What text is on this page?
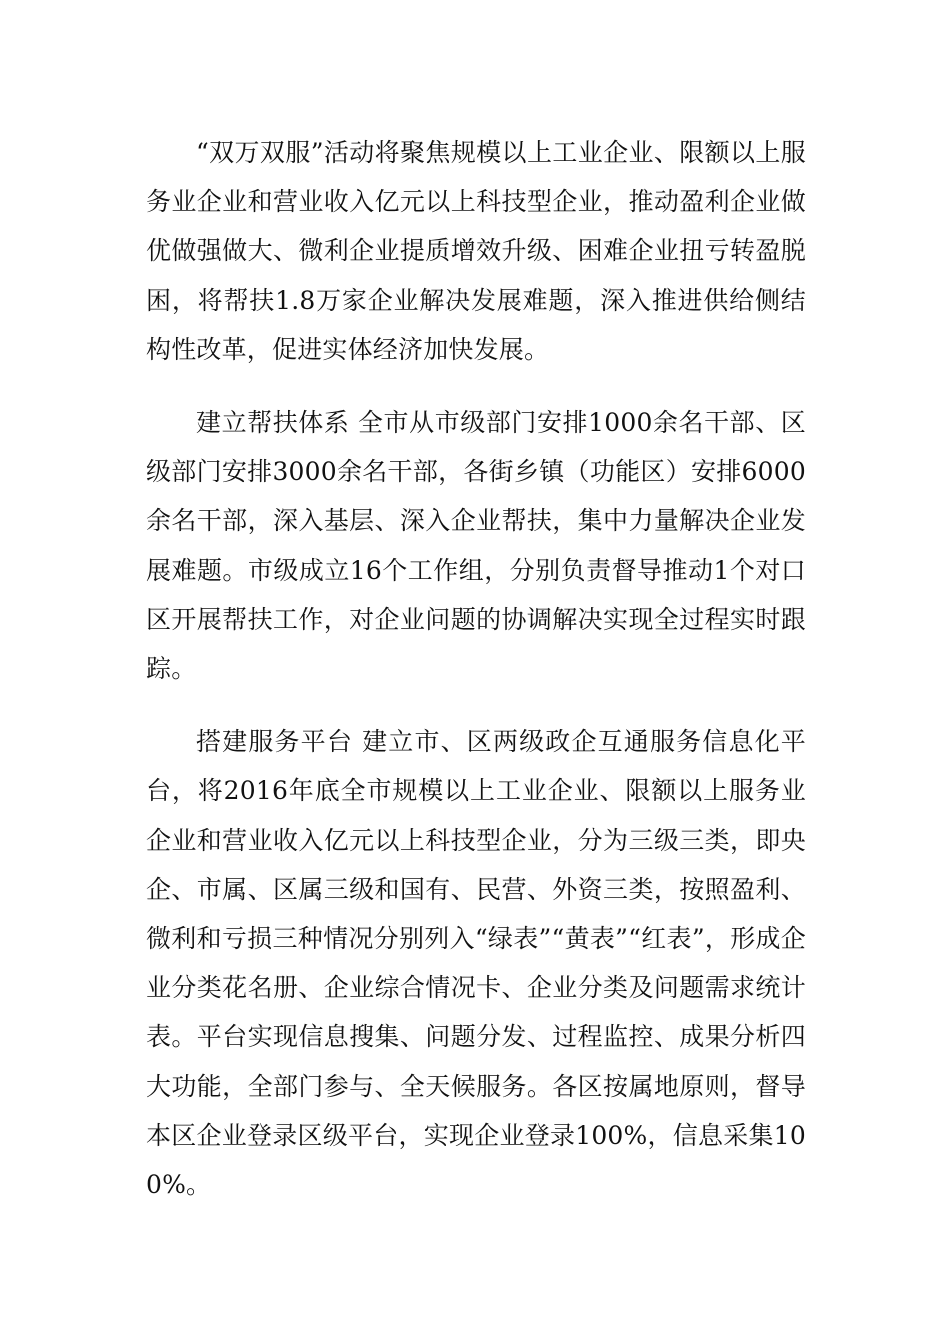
“双万双服”活动将聚焦规模以上工业企业、限额以上服务业企业和营业收入亿元以上科技型企业，推动盈利企业做优做强做大、微利企业提质增效升级、困难企业扭亏转盈脱困，将帮扶1.8万家企业解决发展难题，深入推进供给侧结构性改革，促进实体经济加快发展。

建立帮扶体系 全市从市级部门安排1000余名干部、区级部门安排3000余名干部，各街乡镇（功能区）安排6000余名干部，深入基层、深入企业帮扶，集中力量解决企业发展难题。市级成立16个工作组，分别负责督导推动1个对口区开展帮扶工作，对企业问题的协调解决实现全过程实时跟踪。

搭建服务平台 建立市、区两级政企互通服务信息化平台，将2016年底全市规模以上工业企业、限额以上服务业企业和营业收入亿元以上科技型企业，分为三级三类，即央企、市属、区属三级和国有、民营、外资三类，按照盈利、微利和亏损三种情况分别列入“绿表”“黄表”“红表”，形成企业分类花名册、企业综合情况卡、企业分类及问题需求统计表。平台实现信息搜集、问题分发、过程监控、成果分析四大功能，全部门参与、全天候服务。各区按属地原则，督导本区企业登录区级平台，实现企业登录100%，信息采集100%。
